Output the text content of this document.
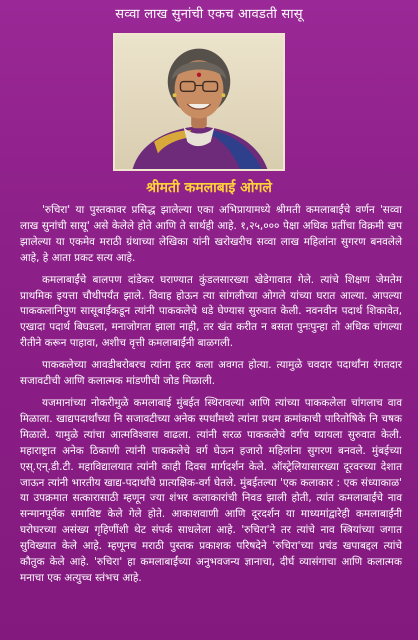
सव्वा लाख सुनांची एकच आवडती सासू
श्रीमती कमलाबाई ओगले

'रुचिरा' या पुस्तकावर प्रसिद्ध झालेल्या एका अभिप्रायामध्ये श्रीमती कमलाबाईंचे वर्णन 'सव्वा लाख सुनांची सासू' असे केलेले होते आणि ते सार्थही आहे. १,२५,००० पेक्षा अधिक प्रतींचा विक्रमी खप झालेल्या या एकमेव मराठी ग्रंथाच्या लेखिका यांनी खरोखरीच सव्वा लाख महिलांना सुगरण बनवलेले आहे, हे आता प्रकट सत्य आहे.

कमलाबाईंचे बालपण दांडेकर घराण्यात कुंडलसारख्या खेडेगावात गेले. त्यांचे शिक्षण जेमतेम प्राथमिक इयत्ता चौथीपर्यंत झाले. विवाह होऊन त्या सांगलीच्या ओगले यांच्या घरात आल्या. आपल्या पाककलानिपुण सासूबाईंकडून त्यांनी पाककलेचे धडे घेण्यास सुरुवात केली. नवनवीन पदार्थ शिकावेत, एखादा पदार्थ बिघडला, मनाजोगता झाला नाही, तर खंत करीत न बसता पुनःपुन्हा तो अधिक चांगल्या रीतीने करून पाहावा, अशीच वृत्ती कमलाबाईंनी बाळगली.

पाककलेच्या आवडीबरोबरच त्यांना इतर कला अवगत होत्या. त्यामुळे चवदार पदार्थांना रंगतदार सजावटीची आणि कलात्मक मांडणीची जोड मिळाली.

यजमानांच्या नोकरीमुळे कमलाबाई मुंबईत स्थिरावल्या आणि त्यांच्या पाककलेला चांगलाच वाव मिळाला. खाद्यपदार्थांच्या नि सजावटीच्या अनेक स्पर्धांमध्ये त्यांना प्रथम क्रमांकाची पारितोषिके नि चषक मिळाले. यामुळे त्यांचा आत्मविश्वास वाढला. त्यांनी सरळ पाककलेचे वर्गच घ्यायला सुरुवात केली. महाराष्ट्रात अनेक ठिकाणी त्यांनी पाककलेचे वर्ग घेऊन हजारो महिलांना सुगरण बनवले. मुंबईच्या एस्.एन्.डी.टी. महाविद्यालयात त्यांनी काही दिवस मार्गदर्शन केले. ऑस्ट्रेलियासारख्या दूरवरच्या देशात जाऊन त्यांनी भारतीय खाद्य-पदार्थांचे प्रात्यक्षिक-वर्ग घेतले. मुंबईतल्या 'एक कलाकार : एक संध्याकाळ' या उपक्रमात सत्कारासाठी म्हणून ज्या शंभर कलाकारांची निवड झाली होती, त्यांत कमलाबाईंचे नाव सन्मानपूर्वक समाविष्ट केले गेले होते. आकाशवाणी आणि दूरदर्शन या माध्यमांद्वारेही कमलाबाईंनी घरोघरच्या असंख्य गृहिणींशी थेट संपर्क साधलेला आहे. 'रुचिरा'ने तर त्यांचे नाव स्त्रियांच्या जगात सुविख्यात केले आहे. म्हणूनच मराठी पुस्तक प्रकाशक परिषदेने 'रुचिरा'च्या प्रचंड खपाबद्दल त्यांचे कौतुक केले आहे. 'रुचिरा' हा कमलाबाईंच्या अनुभवजन्य ज्ञानाचा, दीर्घ व्यासंगाचा आणि कलात्मक मनाचा एक अत्युच्च स्तंभच आहे.
